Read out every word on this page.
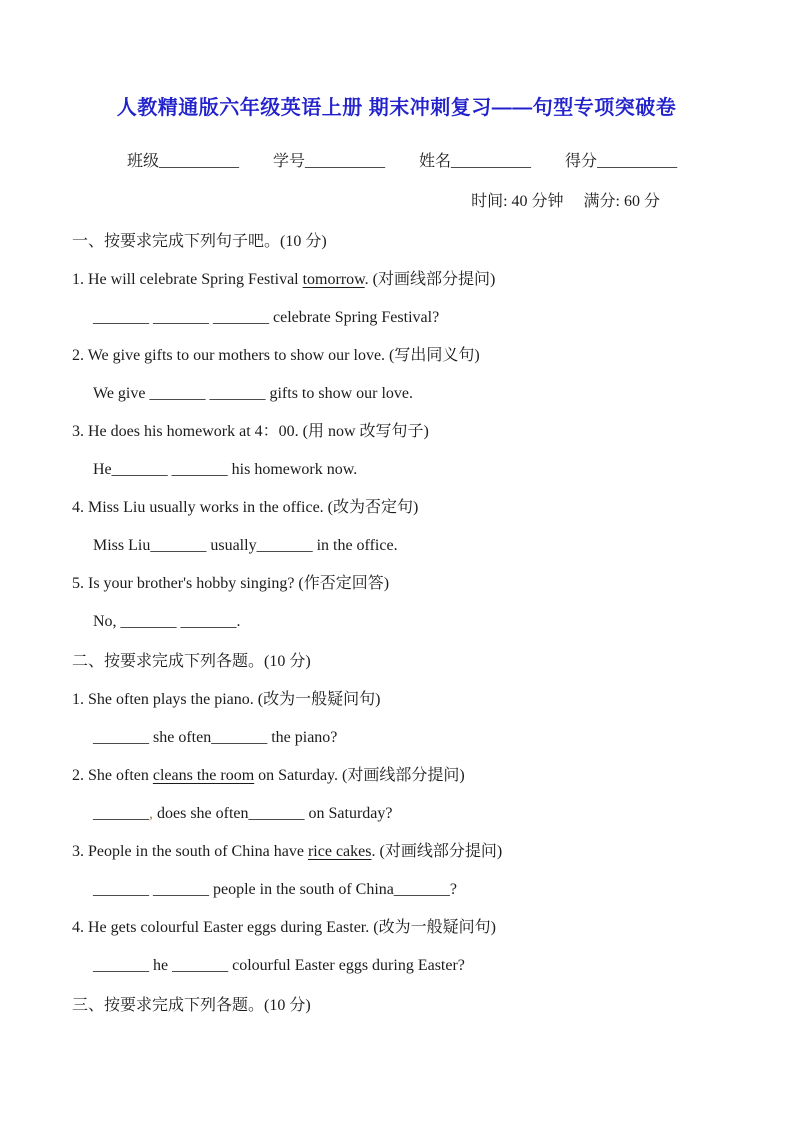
人教精通版六年级英语上册 期末冲刺复习——句型专项突破卷
班级__________ 学号__________ 姓名__________ 得分__________
时间: 40 分钟 满分: 60 分
一、按要求完成下列句子吧。(10 分)
1. He will celebrate Spring Festival tomorrow. (对画线部分提问)
_______ _______ _______ celebrate Spring Festival?
2. We give gifts to our mothers to show our love. (写出同义句)
We give _______ _______ gifts to show our love.
3. He does his homework at 4：00. (用 now 改写句子)
He_______ _______ his homework now.
4. Miss Liu usually works in the office. (改为否定句)
Miss Liu_______ usually_______ in the office.
5. Is your brother's hobby singing? (作否定回答)
No, _______ _______.
二、按要求完成下列各题。(10 分)
1. She often plays the piano. (改为一般疑问句)
_______ she often_______ the piano?
2. She often cleans the room on Saturday. (对画线部分提问)
_______, does she often_______ on Saturday?
3. People in the south of China have rice cakes. (对画线部分提问)
_______ _______ people in the south of China_______?
4. He gets colourful Easter eggs during Easter. (改为一般疑问句)
_______ he _______ colourful Easter eggs during Easter?
三、按要求完成下列各题。(10 分)
